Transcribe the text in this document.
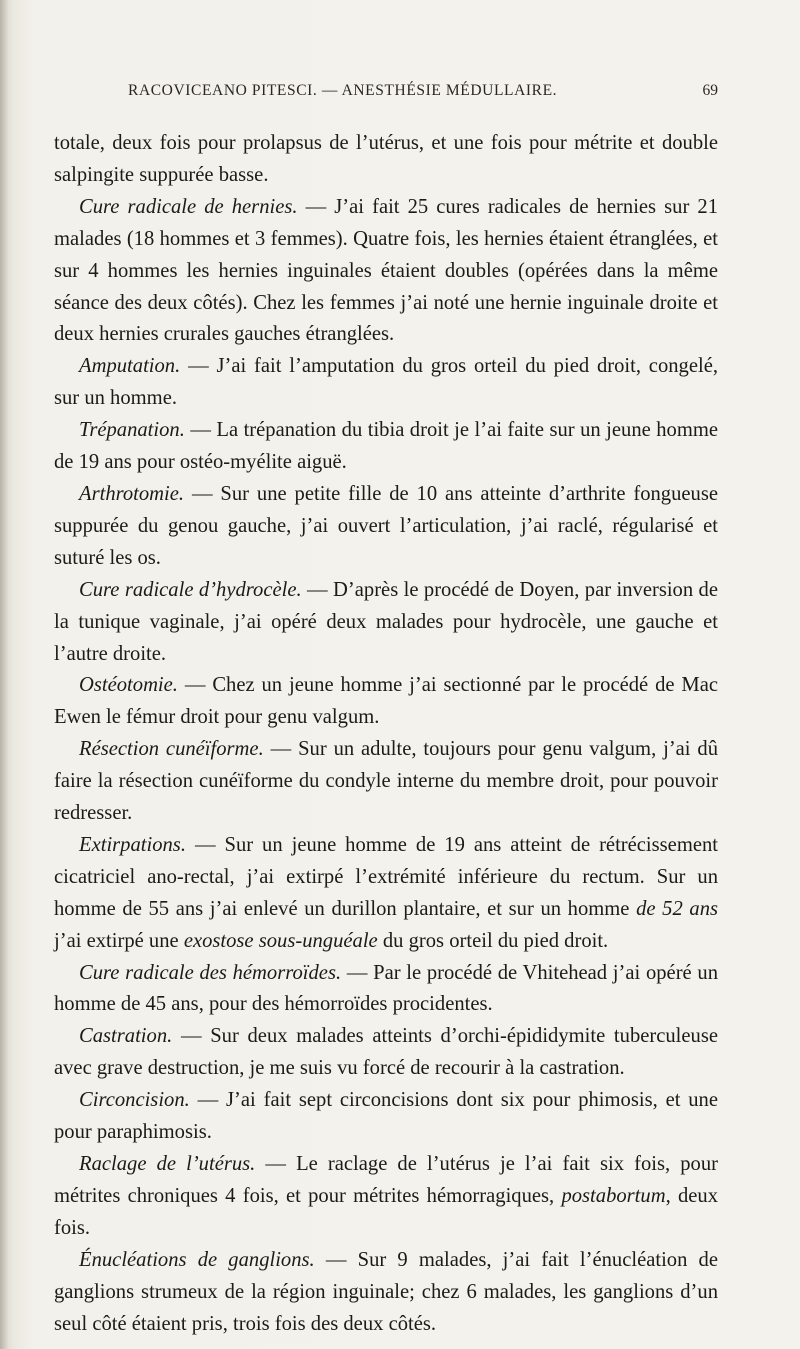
RACOVICEANO PITESCI. — ANESTHÉSIE MÉDULLAIRE.	69

totale, deux fois pour prolapsus de l’utérus, et une fois pour métrite et double salpingite suppurée basse.

Cure radicale de hernies. — J’ai fait 25 cures radicales de hernies sur 21 malades (18 hommes et 3 femmes). Quatre fois, les hernies étaient étranglées, et sur 4 hommes les hernies inguinales étaient doubles (opérées dans la même séance des deux côtés). Chez les femmes j’ai noté une hernie inguinale droite et deux hernies crurales gauches étranglées.

Amputation. — J’ai fait l’amputation du gros orteil du pied droit, congelé, sur un homme.

Trépanation. — La trépanation du tibia droit je l’ai faite sur un jeune homme de 19 ans pour ostéo-myélite aiguë.

Arthrotomie. — Sur une petite fille de 10 ans atteinte d’arthrite fongueuse suppurée du genou gauche, j’ai ouvert l’articulation, j’ai raclé, régularisé et suturé les os.

Cure radicale d’hydrocèle. — D’après le procédé de Doyen, par inversion de la tunique vaginale, j’ai opéré deux malades pour hydrocèle, une gauche et l’autre droite.

Ostéotomie. — Chez un jeune homme j’ai sectionné par le procédé de Mac Ewen le fémur droit pour genu valgum.

Résection cunéïforme. — Sur un adulte, toujours pour genu valgum, j’ai dû faire la résection cunéïforme du condyle interne du membre droit, pour pouvoir redresser.

Extirpations. — Sur un jeune homme de 19 ans atteint de rétrécissement cicatriciel ano-rectal, j’ai extirpé l’extrémité inférieure du rectum. Sur un homme de 55 ans j’ai enlevé un durillon plantaire, et sur un homme de 52 ans j’ai extirpé une exostose sous-unguéale du gros orteil du pied droit.

Cure radicale des hémorroïdes. — Par le procédé de Vhitehead j’ai opéré un homme de 45 ans, pour des hémorroïdes procidentes.

Castration. — Sur deux malades atteints d’orchi-épididymite tuberculeuse avec grave destruction, je me suis vu forcé de recourir à la castration.

Circoncision. — J’ai fait sept circoncisions dont six pour phimosis, et une pour paraphimosis.

Raclage de l’utérus. — Le raclage de l’utérus je l’ai fait six fois, pour métrites chroniques 4 fois, et pour métrites hémorragiques, postabortum, deux fois.

Énucléations de ganglions. — Sur 9 malades, j’ai fait l’énucléation de ganglions strumeux de la région inguinale; chez 6 malades, les ganglions d’un seul côté étaient pris, trois fois des deux côtés.
